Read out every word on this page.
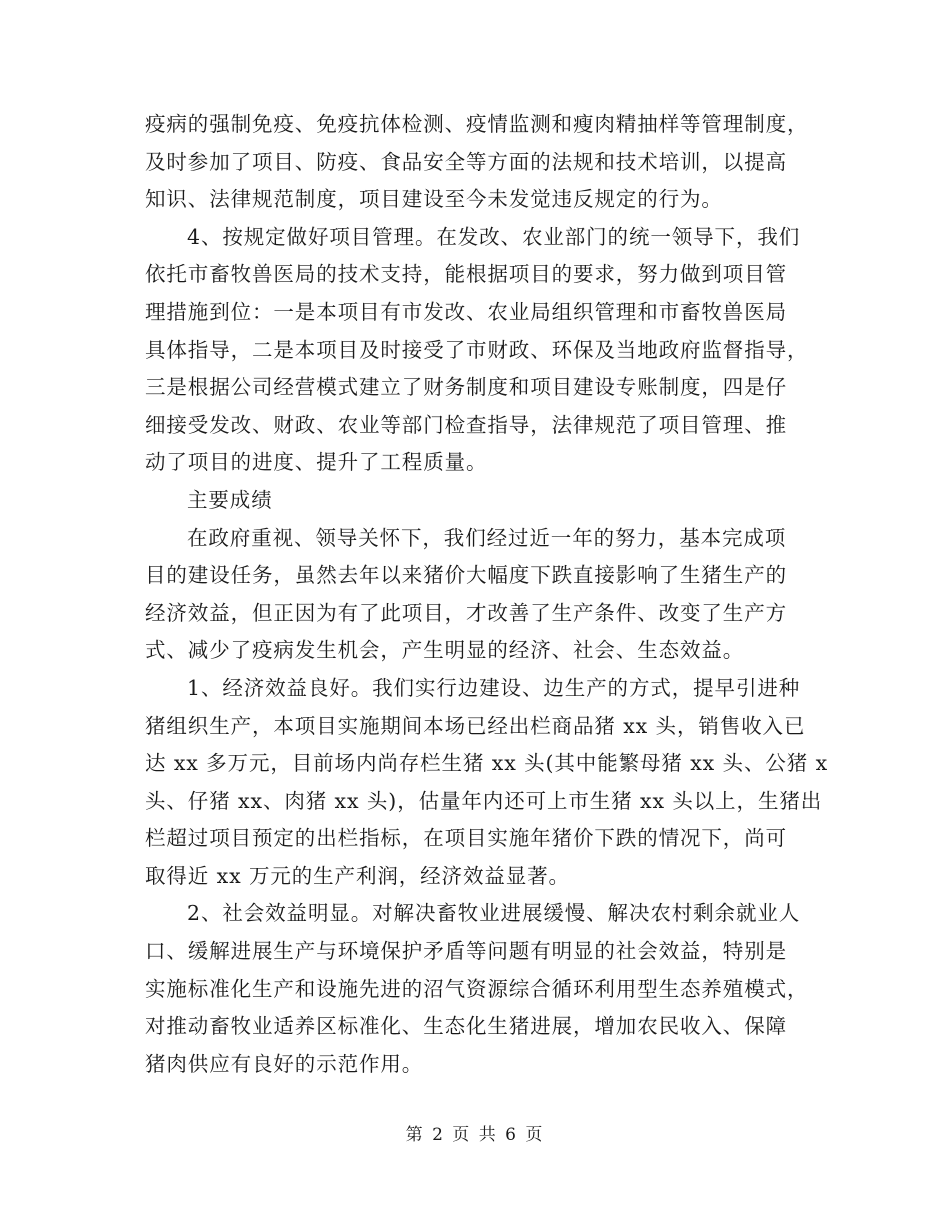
疫病的强制免疫、免疫抗体检测、疫情监测和瘦肉精抽样等管理制度，
及时参加了项目、防疫、食品安全等方面的法规和技术培训，以提高
知识、法律规范制度，项目建设至今未发觉违反规定的行为。
4、按规定做好项目管理。在发改、农业部门的统一领导下，我们
依托市畜牧兽医局的技术支持，能根据项目的要求，努力做到项目管
理措施到位：一是本项目有市发改、农业局组织管理和市畜牧兽医局
具体指导，二是本项目及时接受了市财政、环保及当地政府监督指导，
三是根据公司经营模式建立了财务制度和项目建设专账制度，四是仔
细接受发改、财政、农业等部门检查指导，法律规范了项目管理、推
动了项目的进度、提升了工程质量。
主要成绩
在政府重视、领导关怀下，我们经过近一年的努力，基本完成项
目的建设任务，虽然去年以来猪价大幅度下跌直接影响了生猪生产的
经济效益，但正因为有了此项目，才改善了生产条件、改变了生产方
式、减少了疫病发生机会，产生明显的经济、社会、生态效益。
1、经济效益良好。我们实行边建设、边生产的方式，提早引进种
猪组织生产，本项目实施期间本场已经出栏商品猪 xx 头，销售收入已
达 xx 多万元，目前场内尚存栏生猪 xx 头(其中能繁母猪 xx 头、公猪 x
头、仔猪 xx、肉猪 xx 头)，估量年内还可上市生猪 xx 头以上，生猪出
栏超过项目预定的出栏指标，在项目实施年猪价下跌的情况下，尚可
取得近 xx 万元的生产利润，经济效益显著。
2、社会效益明显。对解决畜牧业进展缓慢、解决农村剩余就业人
口、缓解进展生产与环境保护矛盾等问题有明显的社会效益，特别是
实施标准化生产和设施先进的沼气资源综合循环利用型生态养殖模式，
对推动畜牧业适养区标准化、生态化生猪进展，增加农民收入、保障
猪肉供应有良好的示范作用。
第 2 页 共 6 页
